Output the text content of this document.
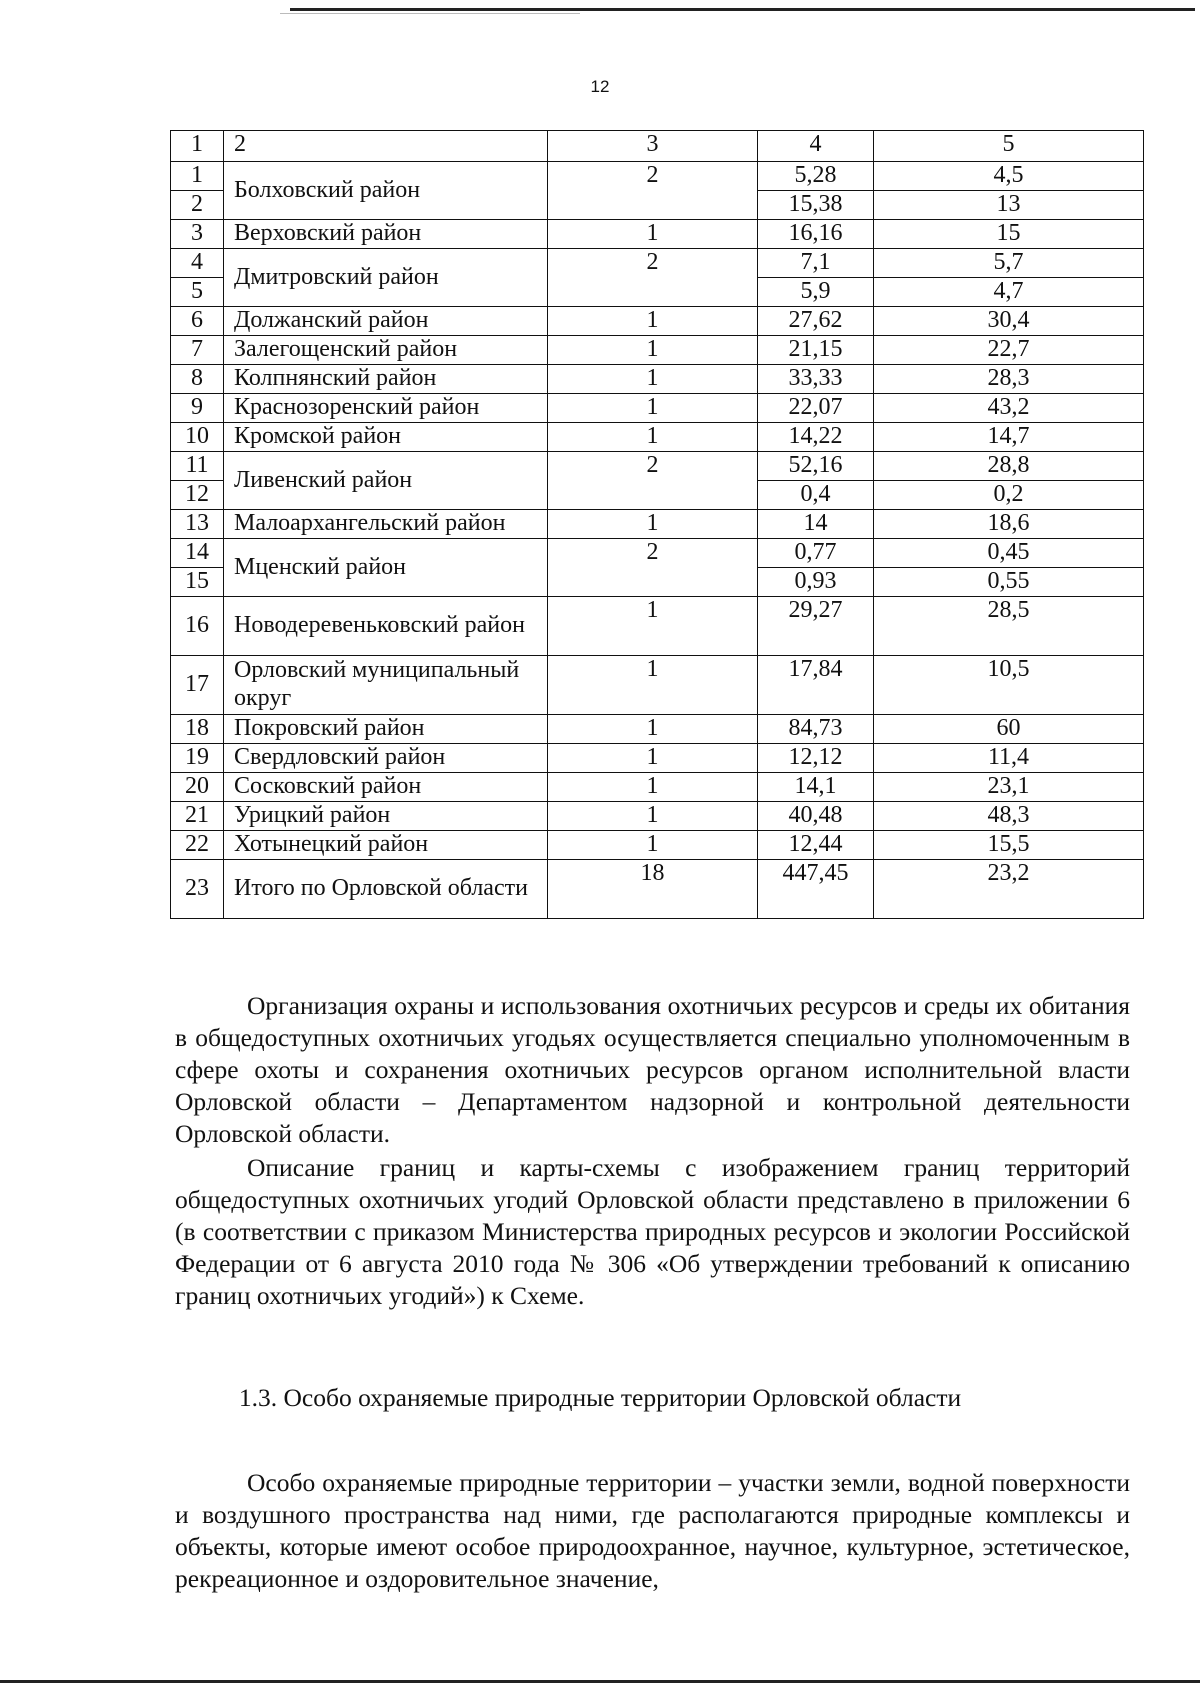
12
1	2	3	4	5
1	Болховский район	2	5,28	4,5
2			15,38	13
3	Верховский район	1	16,16	15
4	Дмитровский район	2	7,1	5,7
5			5,9	4,7
6	Должанский район	1	27,62	30,4
7	Залегощенский район	1	21,15	22,7
8	Колпнянский район	1	33,33	28,3
9	Краснозоренский район	1	22,07	43,2
10	Кромской район	1	14,22	14,7
11	Ливенский район	2	52,16	28,8
12			0,4	0,2
13	Малоархангельский район	1	14	18,6
14	Мценский район	2	0,77	0,45
15			0,93	0,55
16	Новодеревеньковский район	1	29,27	28,5
17	Орловский муниципальный округ	1	17,84	10,5
18	Покровский район	1	84,73	60
19	Свердловский район	1	12,12	11,4
20	Сосковский район	1	14,1	23,1
21	Урицкий район	1	40,48	48,3
22	Хотынецкий район	1	12,44	15,5
23	Итого по Орловской области	18	447,45	23,2

Организация охраны и использования охотничьих ресурсов и среды их обитания в общедоступных охотничьих угодьях осуществляется специально уполномоченным в сфере охоты и сохранения охотничьих ресурсов органом исполнительной власти Орловской области – Департаментом надзорной и контрольной деятельности Орловской области.

Описание границ и карты-схемы с изображением границ территорий общедоступных охотничьих угодий Орловской области представлено в приложении 6 (в соответствии с приказом Министерства природных ресурсов и экологии Российской Федерации от 6 августа 2010 года № 306 «Об утверждении требований к описанию границ охотничьих угодий») к Схеме.

1.3. Особо охраняемые природные территории Орловской области

Особо охраняемые природные территории – участки земли, водной поверхности и воздушного пространства над ними, где располагаются природные комплексы и объекты, которые имеют особое природоохранное, научное, культурное, эстетическое, рекреационное и оздоровительное значение,
